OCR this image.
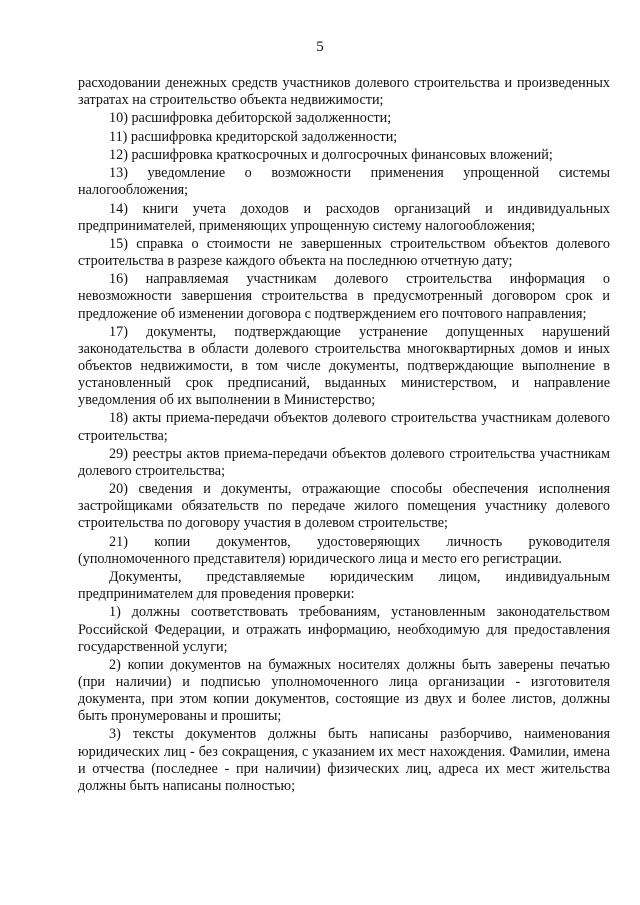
5

расходовании денежных средств участников долевого строительства и произведенных затратах на строительство объекта недвижимости;

10) расшифровка дебиторской задолженности;

11) расшифровка кредиторской задолженности;

12) расшифровка краткосрочных и долгосрочных финансовых вложений;

13) уведомление о возможности применения упрощенной системы налогообложения;

14) книги учета доходов и расходов организаций и индивидуальных предпринимателей, применяющих упрощенную систему налогообложения;

15) справка о стоимости не завершенных строительством объектов долевого строительства в разрезе каждого объекта на последнюю отчетную дату;

16) направляемая участникам долевого строительства информация о невозможности завершения строительства в предусмотренный договором срок и предложение об изменении договора с подтверждением его почтового направления;

17) документы, подтверждающие устранение допущенных нарушений законодательства в области долевого строительства многоквартирных домов и иных объектов недвижимости, в том числе документы, подтверждающие выполнение в установленный срок предписаний, выданных министерством, и направление уведомления об их выполнении в Министерство;

18) акты приема-передачи объектов долевого строительства участникам долевого строительства;

29) реестры актов приема-передачи объектов долевого строительства участникам долевого строительства;

20) сведения и документы, отражающие способы обеспечения исполнения застройщиками обязательств по передаче жилого помещения участнику долевого строительства по договору участия в долевом строительстве;

21) копии документов, удостоверяющих личность руководителя (уполномоченного представителя) юридического лица и место его регистрации.

Документы, представляемые юридическим лицом, индивидуальным предпринимателем для проведения проверки:

1) должны соответствовать требованиям, установленным законодательством Российской Федерации, и отражать информацию, необходимую для предоставления государственной услуги;

2) копии документов на бумажных носителях должны быть заверены печатью (при наличии) и подписью уполномоченного лица организации - изготовителя документа, при этом копии документов, состоящие из двух и более листов, должны быть пронумерованы и прошиты;

3) тексты документов должны быть написаны разборчиво, наименования юридических лиц - без сокращения, с указанием их мест нахождения. Фамилии, имена и отчества (последнее - при наличии) физических лиц, адреса их мест жительства должны быть написаны полностью;
